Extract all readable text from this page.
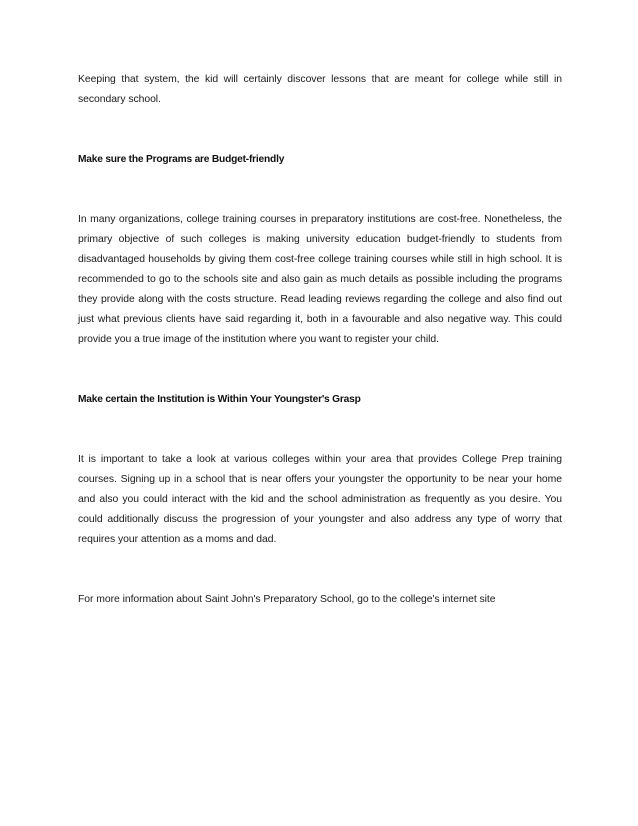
Keeping that system, the kid will certainly discover lessons that are meant for college while still in secondary school.

Make sure the Programs are Budget-friendly

In many organizations, college training courses in preparatory institutions are cost-free. Nonetheless, the primary objective of such colleges is making university education budget-friendly to students from disadvantaged households by giving them cost-free college training courses while still in high school. It is recommended to go to the schools site and also gain as much details as possible including the programs they provide along with the costs structure. Read leading reviews regarding the college and also find out just what previous clients have said regarding it, both in a favourable and also negative way. This could provide you a true image of the institution where you want to register your child.

Make certain the Institution is Within Your Youngster's Grasp

It is important to take a look at various colleges within your area that provides College Prep training courses. Signing up in a school that is near offers your youngster the opportunity to be near your home and also you could interact with the kid and the school administration as frequently as you desire. You could additionally discuss the progression of your youngster and also address any type of worry that requires your attention as a moms and dad.

For more information about Saint John's Preparatory School, go to the college's internet site
